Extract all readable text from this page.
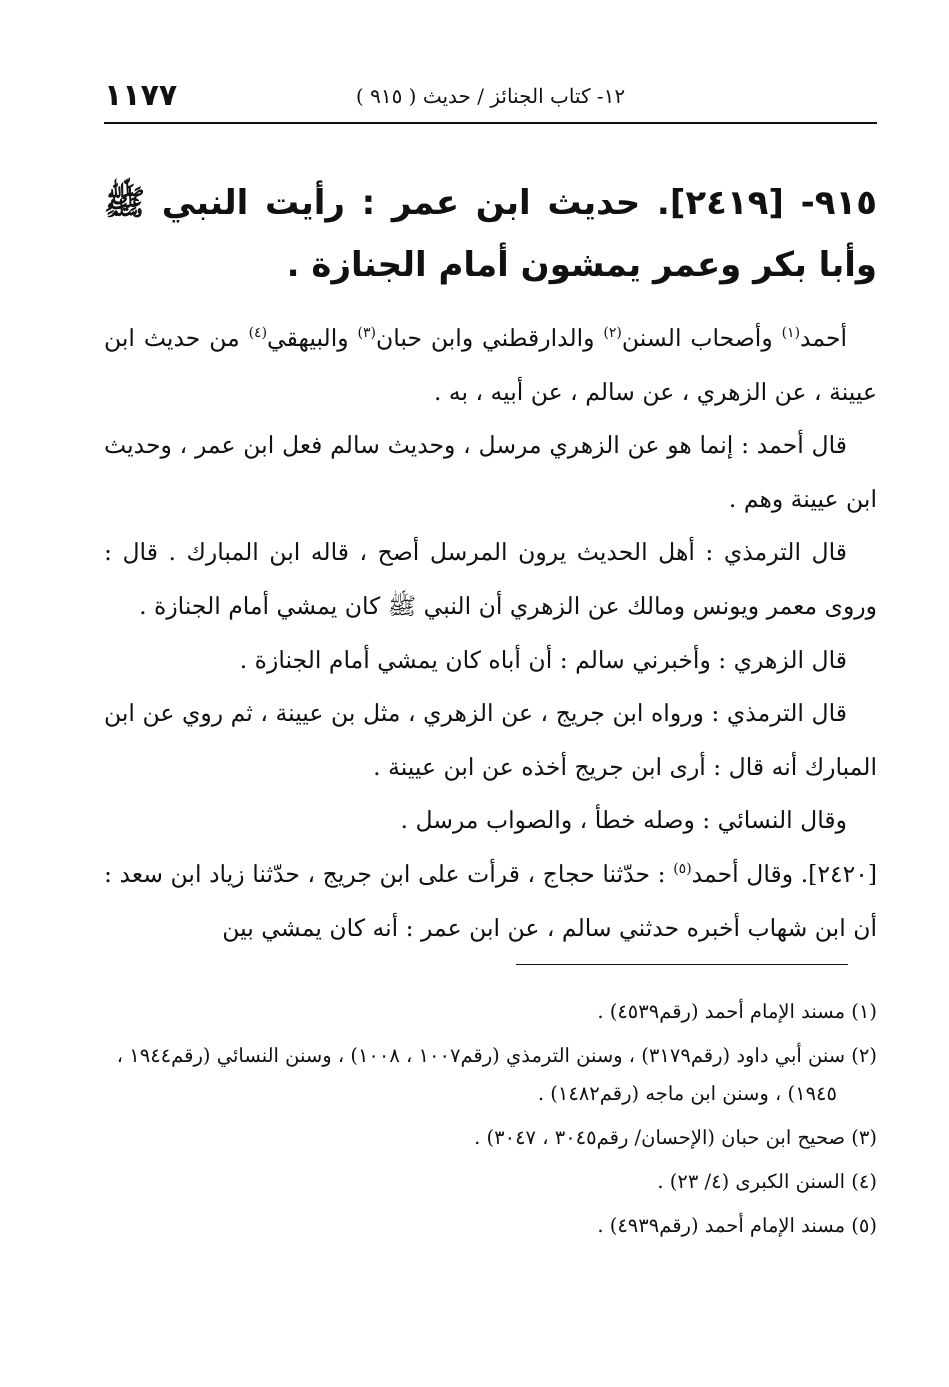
١٢- كتاب الجنائز / حديث ( ٩١٥ )
١١٧٧
٩١٥- [٢٤١٩]. حديث ابن عمر : رأيت النبي ﷺ وأبا بكر وعمر يمشون أمام الجنازة .

أحمد$^{(١)}$ وأصحاب السنن$^{(٢)}$ والدارقطني وابن حبان$^{(٣)}$ والبيهقي$^{(٤)}$ من حديث ابن عيينة ، عن الزهري ، عن سالم ، عن أبيه ، به .

قال أحمد : إنما هو عن الزهري مرسل ، وحديث سالم فعل ابن عمر ، وحديث ابن عيينة وهم .

قال الترمذي : أهل الحديث يرون المرسل أصح ، قاله ابن المبارك . قال : وروى معمر ويونس ومالك عن الزهري أن النبي ﷺ كان يمشي أمام الجنازة .

قال الزهري : وأخبرني سالم : أن أباه كان يمشي أمام الجنازة .

قال الترمذي : ورواه ابن جريج ، عن الزهري ، مثل بن عيينة ، ثم روي عن ابن المبارك أنه قال : أرى ابن جريج أخذه عن ابن عيينة .

وقال النسائي : وصله خطأ ، والصواب مرسل .

[٢٤٢٠]. وقال أحمد$^{(٥)}$ : حدّثنا حجاج ، قرأت على ابن جريج ، حدّثنا زياد ابن سعد : أن ابن شهاب أخبره حدثني سالم ، عن ابن عمر : أنه كان يمشي بين

(١) مسند الإمام أحمد (رقم٤٥٣٩) .

(٢) سنن أبي داود (رقم٣١٧٩) ، وسنن الترمذي (رقم١٠٠٧ ، ١٠٠٨) ، وسنن النسائي (رقم١٩٤٤ ، ١٩٤٥) ، وسنن ابن ماجه (رقم١٤٨٢) .

(٣) صحيح ابن حبان (الإحسان/ رقم٣٠٤٥ ، ٣٠٤٧) .

(٤) السنن الكبرى (٤/ ٢٣) .

(٥) مسند الإمام أحمد (رقم٤٩٣٩) .
